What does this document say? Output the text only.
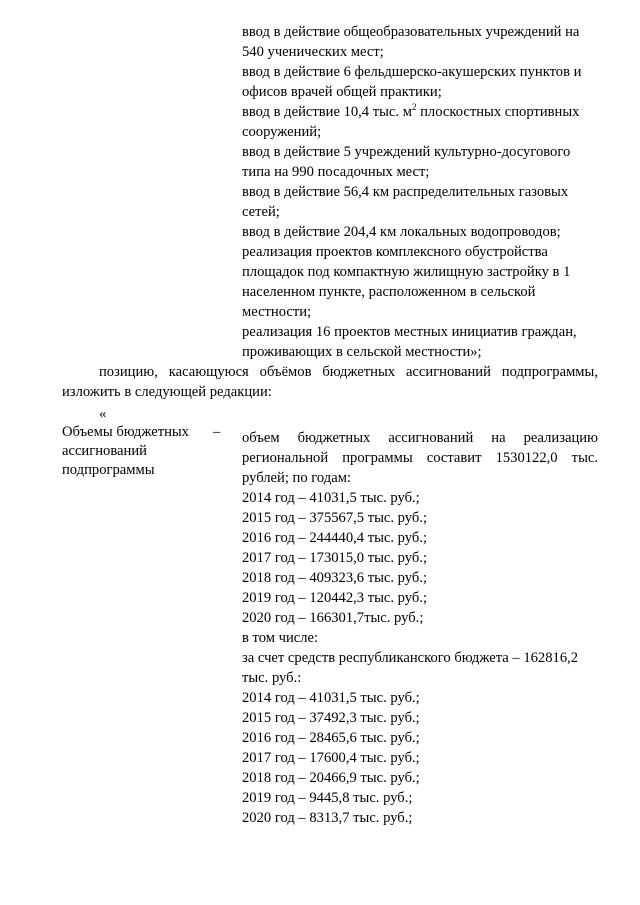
ввод в действие общеобразовательных учреждений на
540 ученических мест;
ввод в действие 6 фельдшерско-акушерских пунктов и
офисов врачей общей практики;
ввод в действие 10,4 тыс. $м^2$ плоскостных спортивных
сооружений;
ввод в действие 5 учреждений культурно-досугового
типа на 990 посадочных мест;
ввод в действие 56,4 км распределительных газовых
сетей;
ввод в действие 204,4 км локальных водопроводов;
реализация проектов комплексного обустройства
площадок под компактную жилищную застройку в 1
населенном пункте, расположенном в сельской
местности;
реализация 16 проектов местных инициатив граждан,
проживающих в сельской местности»;
позицию, касающуюся объёмов бюджетных ассигнований подпрограммы,
изложить в следующей редакции:
«
Объемы бюджетных –
ассигнований
подпрограммы
объем бюджетных ассигнований на реализацию
региональной программы составит 1530122,0 тыс.
рублей; по годам:
2014 год – 41031,5 тыс. руб.;
2015 год – 375567,5 тыс. руб.;
2016 год – 244440,4 тыс. руб.;
2017 год – 173015,0 тыс. руб.;
2018 год – 409323,6 тыс. руб.;
2019 год – 120442,3 тыс. руб.;
2020 год – 166301,7тыс. руб.;
в том числе:
за счет средств республиканского бюджета – 162816,2
тыс. руб.:
2014 год – 41031,5 тыс. руб.;
2015 год – 37492,3 тыс. руб.;
2016 год – 28465,6 тыс. руб.;
2017 год – 17600,4 тыс. руб.;
2018 год – 20466,9 тыс. руб.;
2019 год – 9445,8 тыс. руб.;
2020 год – 8313,7 тыс. руб.;
